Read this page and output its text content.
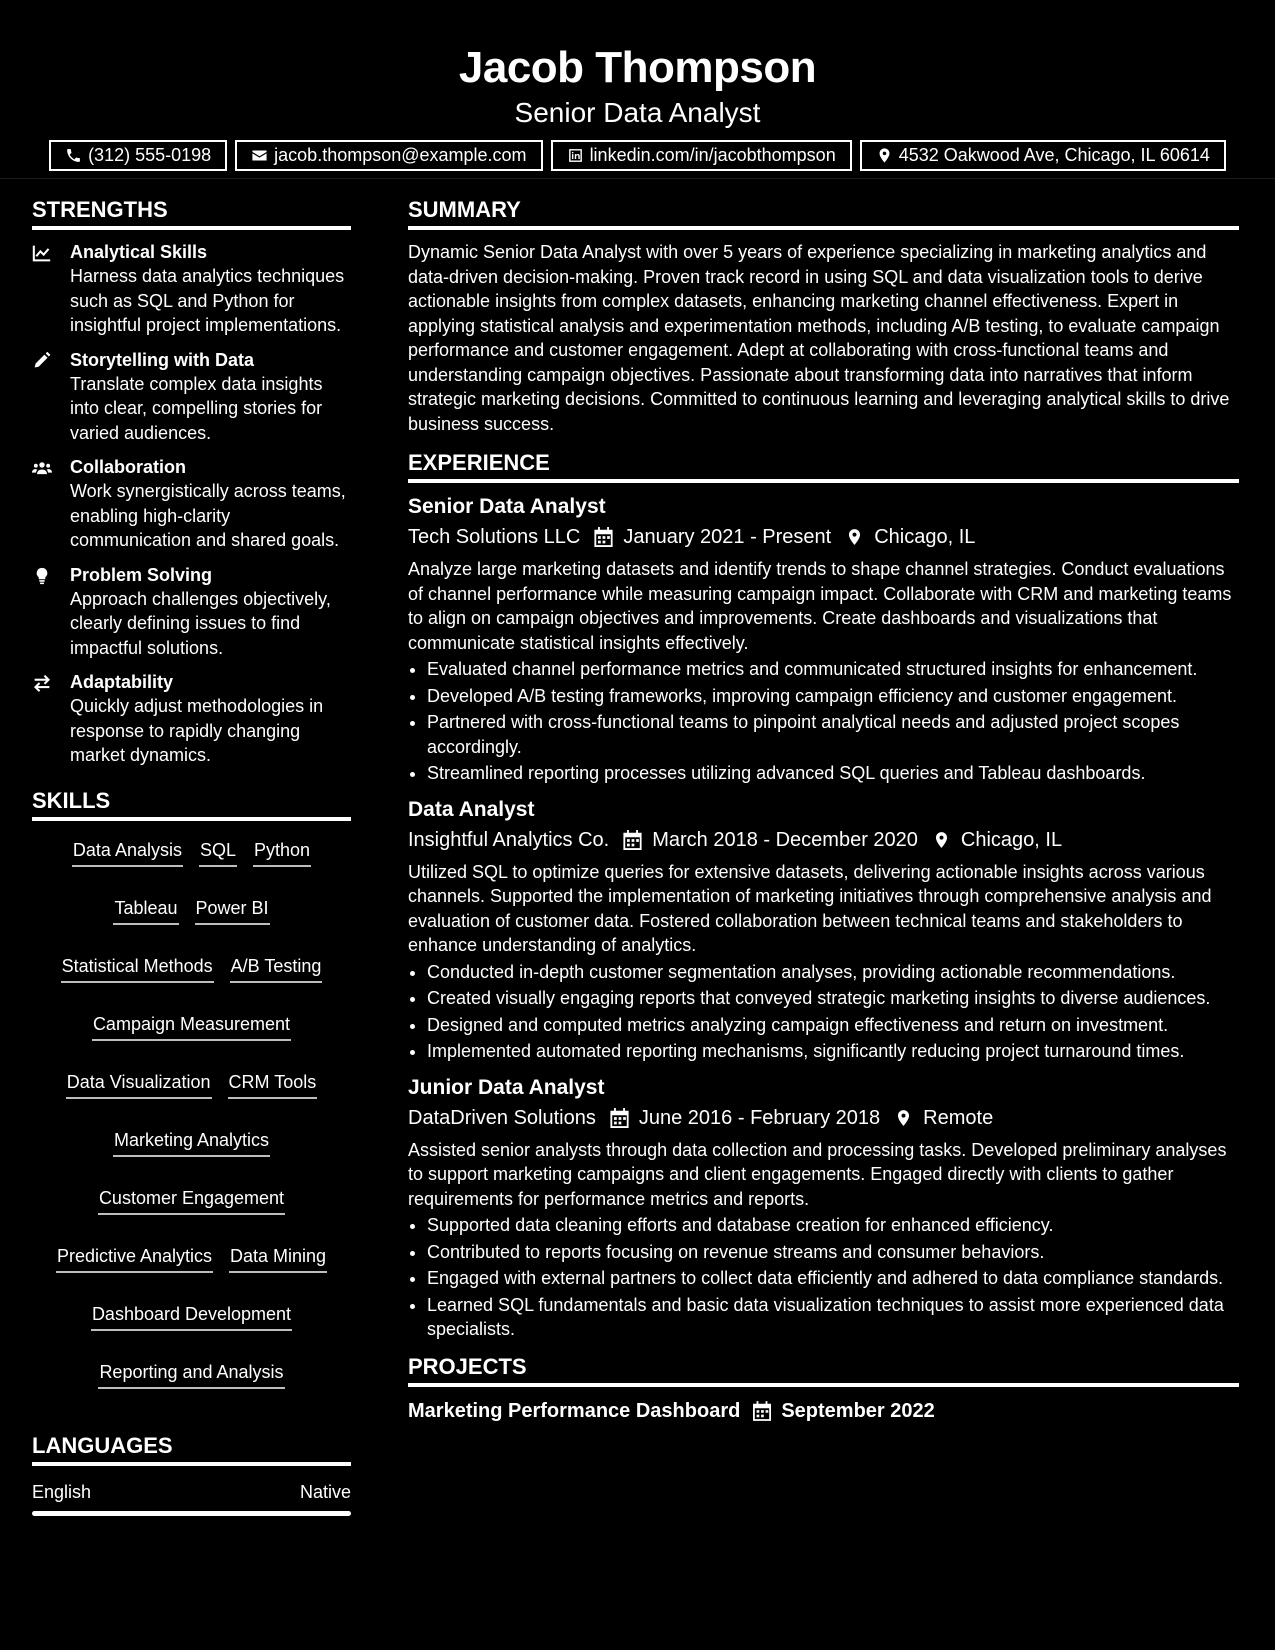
Jacob Thompson
Senior Data Analyst
(312) 555-0198	jacob.thompson@example.com	linkedin.com/in/jacobthompson	4532 Oakwood Ave, Chicago, IL 60614
STRENGTHS
Analytical Skills
Harness data analytics techniques such as SQL and Python for insightful project implementations.
Storytelling with Data
Translate complex data insights into clear, compelling stories for varied audiences.
Collaboration
Work synergistically across teams, enabling high-clarity communication and shared goals.
Problem Solving
Approach challenges objectively, clearly defining issues to find impactful solutions.
Adaptability
Quickly adjust methodologies in response to rapidly changing market dynamics.
SKILLS
Data Analysis SQL Python
Tableau Power BI
Statistical Methods A/B Testing
Campaign Measurement
Data Visualization CRM Tools
Marketing Analytics
Customer Engagement
Predictive Analytics Data Mining
Dashboard Development
Reporting and Analysis
LANGUAGES
English	Native
SUMMARY
Dynamic Senior Data Analyst with over 5 years of experience specializing in marketing analytics and data-driven decision-making. Proven track record in using SQL and data visualization tools to derive actionable insights from complex datasets, enhancing marketing channel effectiveness. Expert in applying statistical analysis and experimentation methods, including A/B testing, to evaluate campaign performance and customer engagement. Adept at collaborating with cross-functional teams and understanding campaign objectives. Passionate about transforming data into narratives that inform strategic marketing decisions. Committed to continuous learning and leveraging analytical skills to drive business success.
EXPERIENCE
Senior Data Analyst
Tech Solutions LLC January 2021 - Present Chicago, IL
Analyze large marketing datasets and identify trends to shape channel strategies. Conduct evaluations of channel performance while measuring campaign impact. Collaborate with CRM and marketing teams to align on campaign objectives and improvements. Create dashboards and visualizations that communicate statistical insights effectively.
• Evaluated channel performance metrics and communicated structured insights for enhancement.
• Developed A/B testing frameworks, improving campaign efficiency and customer engagement.
• Partnered with cross-functional teams to pinpoint analytical needs and adjusted project scopes accordingly.
• Streamlined reporting processes utilizing advanced SQL queries and Tableau dashboards.
Data Analyst
Insightful Analytics Co. March 2018 - December 2020 Chicago, IL
Utilized SQL to optimize queries for extensive datasets, delivering actionable insights across various channels. Supported the implementation of marketing initiatives through comprehensive analysis and evaluation of customer data. Fostered collaboration between technical teams and stakeholders to enhance understanding of analytics.
• Conducted in-depth customer segmentation analyses, providing actionable recommendations.
• Created visually engaging reports that conveyed strategic marketing insights to diverse audiences.
• Designed and computed metrics analyzing campaign effectiveness and return on investment.
• Implemented automated reporting mechanisms, significantly reducing project turnaround times.
Junior Data Analyst
DataDriven Solutions June 2016 - February 2018 Remote
Assisted senior analysts through data collection and processing tasks. Developed preliminary analyses to support marketing campaigns and client engagements. Engaged directly with clients to gather requirements for performance metrics and reports.
• Supported data cleaning efforts and database creation for enhanced efficiency.
• Contributed to reports focusing on revenue streams and consumer behaviors.
• Engaged with external partners to collect data efficiently and adhered to data compliance standards.
• Learned SQL fundamentals and basic data visualization techniques to assist more experienced data specialists.
PROJECTS
Marketing Performance Dashboard September 2022
